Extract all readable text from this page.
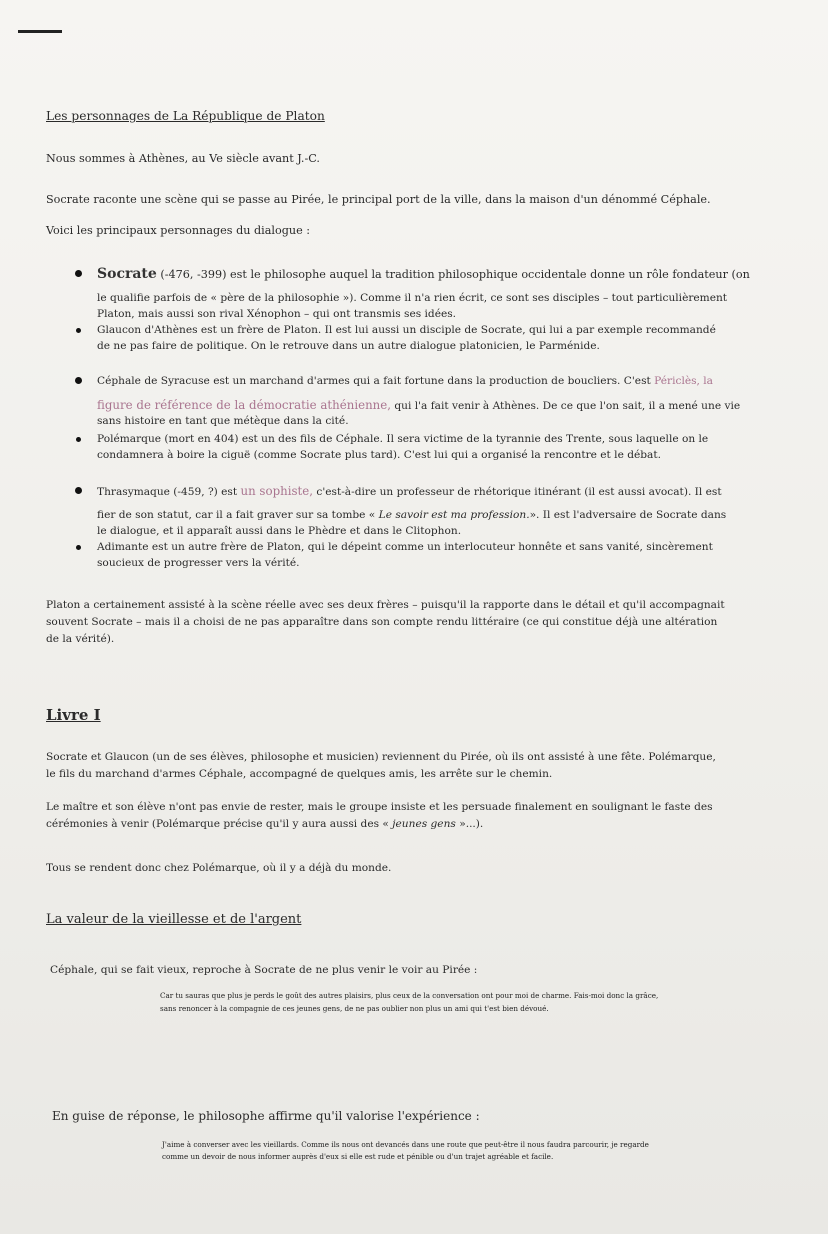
Les personnages de La République de Platon
Nous sommes à Athènes, au Ve siècle avant J.-C.
Socrate raconte une scène qui se passe au Pirée, le principal port de la ville, dans la maison d'un dénommé Céphale.
Voici les principaux personnages du dialogue :
Socrate (-476, -399) est le philosophe auquel la tradition philosophique occidentale donne un rôle fondateur (on
le qualifie parfois de « père de la philosophie »). Comme il n'a rien écrit, ce sont ses disciples – tout particulièrement
Platon, mais aussi son rival Xénophon – qui ont transmis ses idées.
Glaucon d'Athènes est un frère de Platon. Il est lui aussi un disciple de Socrate, qui lui a par exemple recommandé
de ne pas faire de politique. On le retrouve dans un autre dialogue platonicien, le Parménide.
Céphale de Syracuse est un marchand d'armes qui a fait fortune dans la production de boucliers. C'est Périclès, la
figure de référence de la démocratie athénienne, qui l'a fait venir à Athènes. De ce que l'on sait, il a mené une vie
sans histoire en tant que métèque dans la cité.
Polémarque (mort en 404) est un des fils de Céphale. Il sera victime de la tyrannie des Trente, sous laquelle on le
condamnera à boire la ciguë (comme Socrate plus tard). C'est lui qui a organisé la rencontre et le débat.
Thrasymaque (-459, ?) est un sophiste, c'est-à-dire un professeur de rhétorique itinérant (il est aussi avocat). Il est
fier de son statut, car il a fait graver sur sa tombe « Le savoir est ma profession.». Il est l'adversaire de Socrate dans
le dialogue, et il apparaît aussi dans le Phèdre et dans le Clitophon.
Adimante est un autre frère de Platon, qui le dépeint comme un interlocuteur honnête et sans vanité, sincèrement
soucieux de progresser vers la vérité.
Platon a certainement assisté à la scène réelle avec ses deux frères – puisqu'il la rapporte dans le détail et qu'il accompagnait
souvent Socrate – mais il a choisi de ne pas apparaître dans son compte rendu littéraire (ce qui constitue déjà une altération
de la vérité).
Livre I
Socrate et Glaucon (un de ses élèves, philosophe et musicien) reviennent du Pirée, où ils ont assisté à une fête. Polémarque,
le fils du marchand d'armes Céphale, accompagné de quelques amis, les arrête sur le chemin.
Le maître et son élève n'ont pas envie de rester, mais le groupe insiste et les persuade finalement en soulignant le faste des
cérémonies à venir (Polémarque précise qu'il y aura aussi des « jeunes gens »...).
Tous se rendent donc chez Polémarque, où il y a déjà du monde.
La valeur de la vieillesse et de l'argent
Céphale, qui se fait vieux, reproche à Socrate de ne plus venir le voir au Pirée :
Car tu sauras que plus je perds le goût des autres plaisirs, plus ceux de la conversation ont pour moi de charme. Fais-moi donc la grâce,
sans renoncer à la compagnie de ces jeunes gens, de ne pas oublier non plus un ami qui t'est bien dévoué.
En guise de réponse, le philosophe affirme qu'il valorise l'expérience :
J'aime à converser avec les vieillards. Comme ils nous ont devancés dans une route que peut-être il nous faudra parcourir, je regarde
comme un devoir de nous informer auprès d'eux si elle est rude et pénible ou d'un trajet agréable et facile.
